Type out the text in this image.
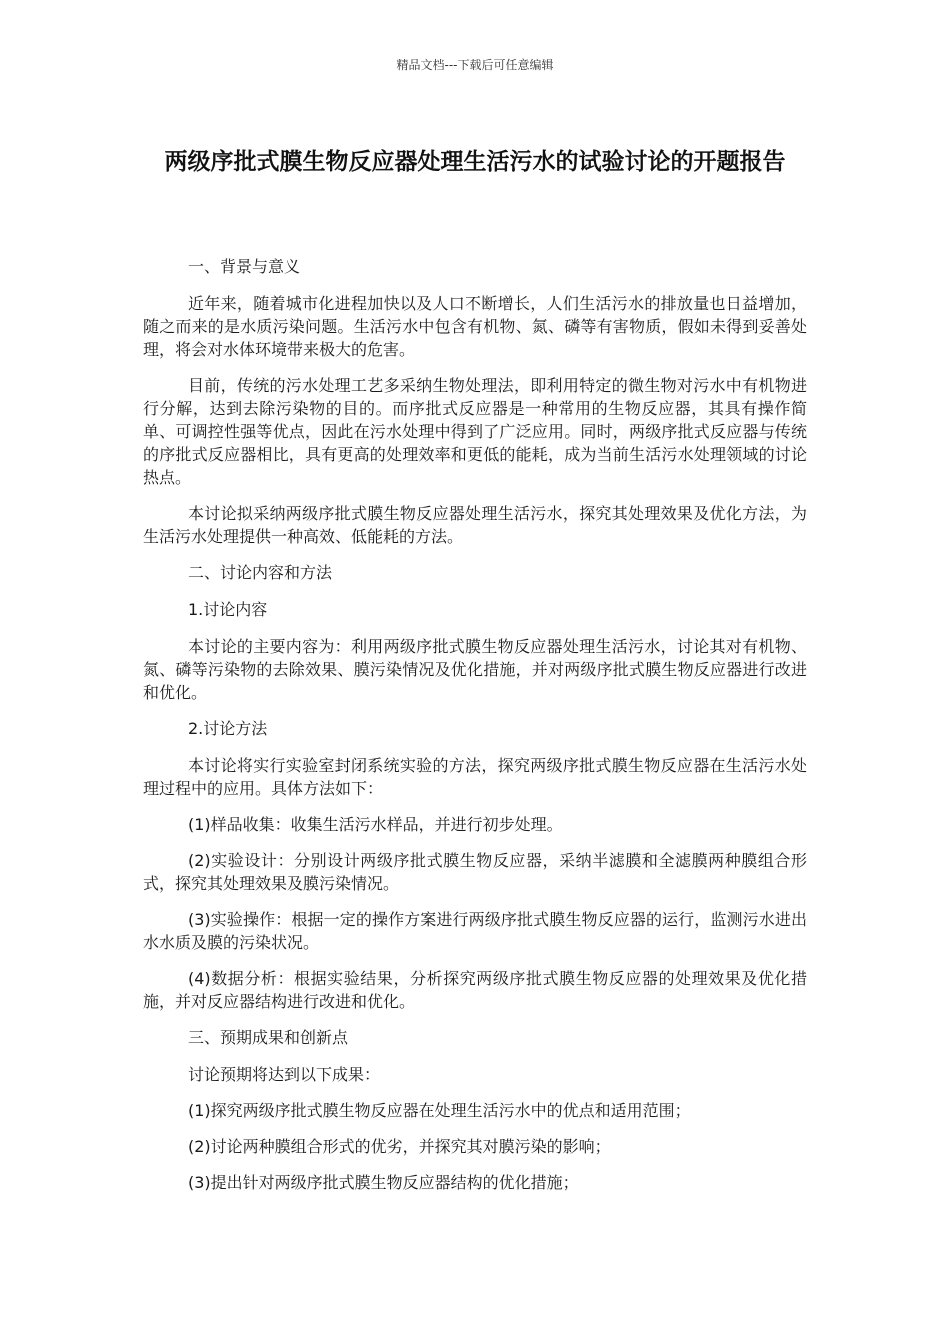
精品文档---下载后可任意编辑
两级序批式膜生物反应器处理生活污水的试验讨论的开题报告

一、背景与意义

近年来，随着城市化进程加快以及人口不断增长，人们生活污水的排放量也日益增加，随之而来的是水质污染问题。生活污水中包含有机物、氮、磷等有害物质，假如未得到妥善处理，将会对水体环境带来极大的危害。

目前，传统的污水处理工艺多采纳生物处理法，即利用特定的微生物对污水中有机物进行分解，达到去除污染物的目的。而序批式反应器是一种常用的生物反应器，其具有操作简单、可调控性强等优点，因此在污水处理中得到了广泛应用。同时，两级序批式反应器与传统的序批式反应器相比，具有更高的处理效率和更低的能耗，成为当前生活污水处理领域的讨论热点。

本讨论拟采纳两级序批式膜生物反应器处理生活污水，探究其处理效果及优化方法，为生活污水处理提供一种高效、低能耗的方法。

二、讨论内容和方法

1.讨论内容

本讨论的主要内容为：利用两级序批式膜生物反应器处理生活污水，讨论其对有机物、氮、磷等污染物的去除效果、膜污染情况及优化措施，并对两级序批式膜生物反应器进行改进和优化。

2.讨论方法

本讨论将实行实验室封闭系统实验的方法，探究两级序批式膜生物反应器在生活污水处理过程中的应用。具体方法如下：

(1)样品收集：收集生活污水样品，并进行初步处理。

(2)实验设计：分别设计两级序批式膜生物反应器，采纳半滤膜和全滤膜两种膜组合形式，探究其处理效果及膜污染情况。

(3)实验操作：根据一定的操作方案进行两级序批式膜生物反应器的运行，监测污水进出水水质及膜的污染状况。

(4)数据分析：根据实验结果，分析探究两级序批式膜生物反应器的处理效果及优化措施，并对反应器结构进行改进和优化。

三、预期成果和创新点

讨论预期将达到以下成果：

(1)探究两级序批式膜生物反应器在处理生活污水中的优点和适用范围；

(2)讨论两种膜组合形式的优劣，并探究其对膜污染的影响；

(3)提出针对两级序批式膜生物反应器结构的优化措施；
